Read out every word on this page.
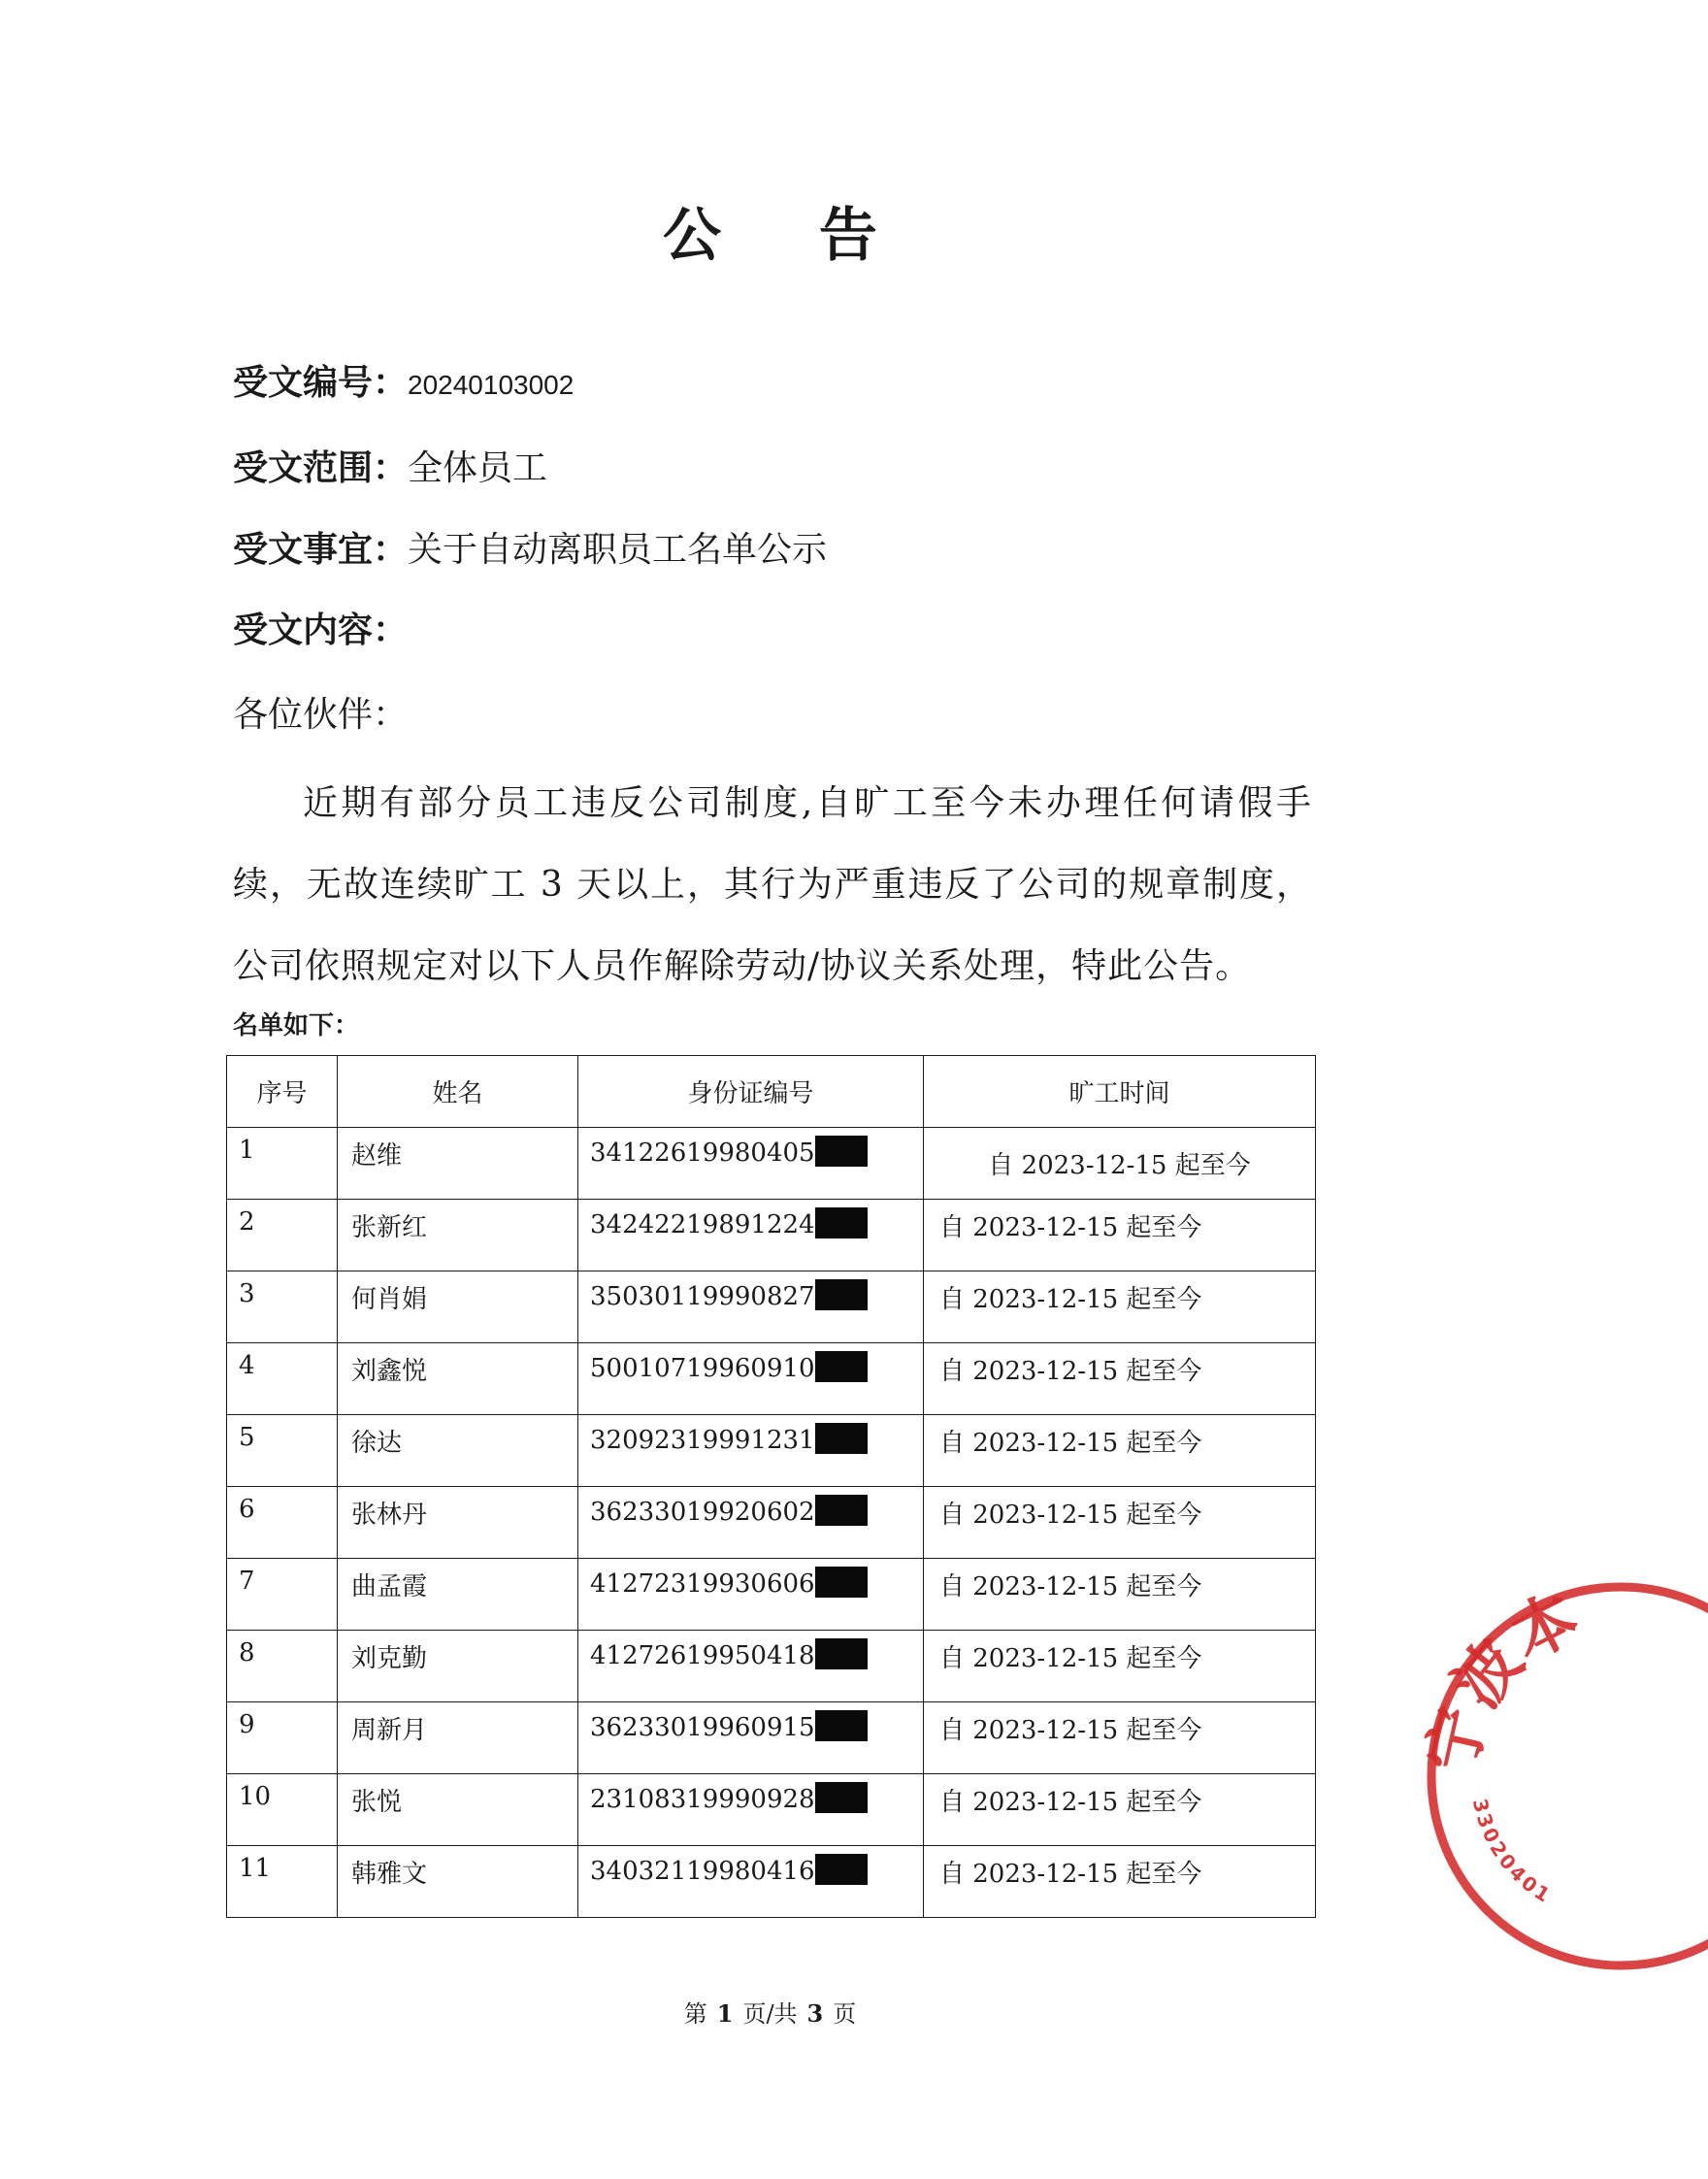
公 告
受文编号：20240103002
受文范围：全体员工
受文事宜：关于自动离职员工名单公示
受文内容：
各位伙伴：
近期有部分员工违反公司制度,自旷工至今未办理任何请假手续，无故连续旷工 3 天以上，其行为严重违反了公司的规章制度，公司依照规定对以下人员作解除劳动/协议关系处理，特此公告。
名单如下：
序号	姓名	身份证编号	旷工时间
1	赵维	34122619980405	自 2023-12-15 起至今
2	张新红	34242219891224	自 2023-12-15 起至今
3	何肖娟	35030119990827	自 2023-12-15 起至今
4	刘鑫悦	50010719960910	自 2023-12-15 起至今
5	徐达	32092319991231	自 2023-12-15 起至今
6	张林丹	36233019920602	自 2023-12-15 起至今
7	曲孟霞	41272319930606	自 2023-12-15 起至今
8	刘克勤	41272619950418	自 2023-12-15 起至今
9	周新月	36233019960915	自 2023-12-15 起至今
10	张悦	23108319990928	自 2023-12-15 起至今
11	韩雅文	34032119980416	自 2023-12-15 起至今
第 1 页/共 3 页
宁波本
33020401
